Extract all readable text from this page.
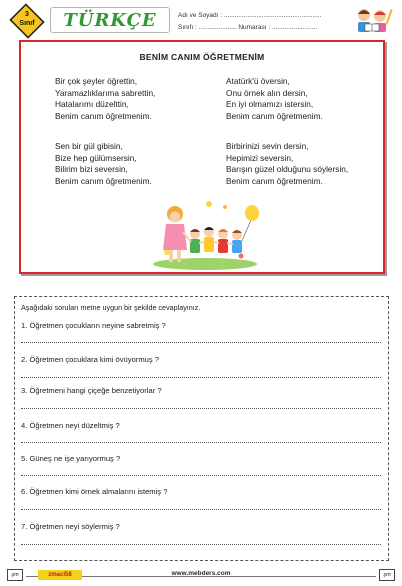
3
Sınıf	TÜRKÇE	Adı ve Soyadı : ......................................................
Sınıfı : ..................... Numarası : .........................
BENİM CANIM ÖĞRETMENİM
Bir çok şeyler öğrettin,
Yaramazlıklarıma sabrettin,
Hatalarımı düzelttin,
Benim canım öğretmenim.
Atatürk'ü översin,
Onu örnek alın dersin,
En iyi olmamızı istersin,
Benim canım öğretmenim.
Sen bir gül gibisin,
Bize hep gülümsersin,
Bilirim bizi seversin,
Benim canım öğretmenim.
Birbirinizi sevin dersin,
Hepimizi seversin,
Barışın güzel olduğunu söylersin,
Benim canım öğretmenim.
Aşağıdaki soruları metne uygun bir şekilde cevaplayınız.
1. Öğretmen çocukların neyine sabretmiş ?
2. Öğretmen çocuklara kimi övüyormuş ?
3. Öğretmeni hangi çiçeğe benzetiyorlar ?
4. Öğretmen neyi düzeltmiş ?
5. Güneş ne işe yarıyormuş ?
6. Öğretmen kimi örnek almalarını istemiş ?
7. Öğretmen neyi söylermiş ?
şm	zmaci58	www.mebders.com	şm
